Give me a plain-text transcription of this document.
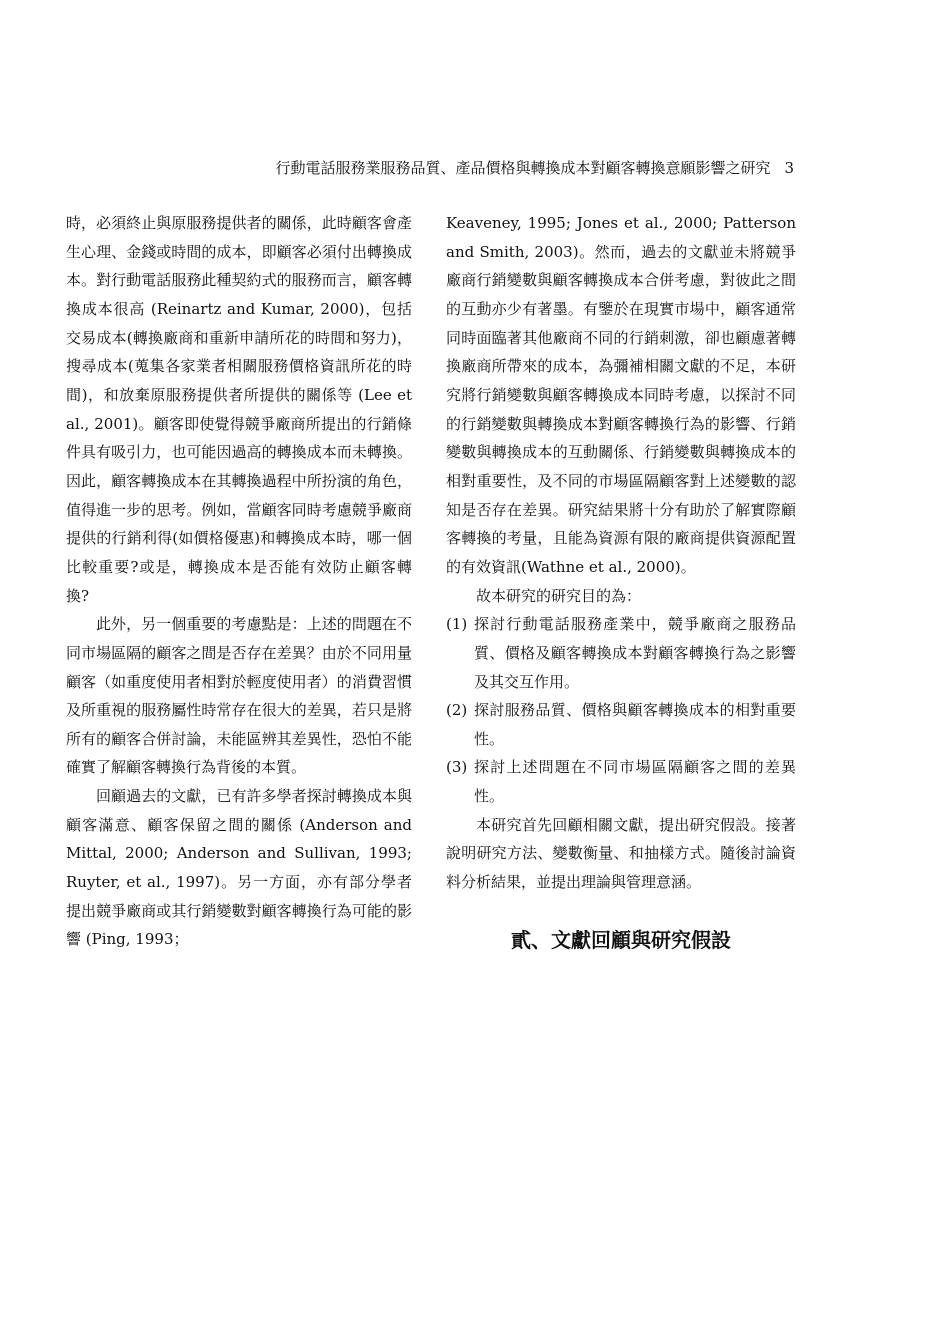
行動電話服務業服務品質、產品價格與轉換成本對顧客轉換意願影響之研究 3

時，必須終止與原服務提供者的關係，此時顧客會產生心理、金錢或時間的成本，即顧客必須付出轉換成本。對行動電話服務此種契約式的服務而言，顧客轉換成本很高 (Reinartz and Kumar, 2000)，包括交易成本(轉換廠商和重新申請所花的時間和努力)，搜尋成本(蒐集各家業者相關服務價格資訊所花的時間)，和放棄原服務提供者所提供的關係等 (Lee et al., 2001)。顧客即使覺得競爭廠商所提出的行銷條件具有吸引力，也可能因過高的轉換成本而未轉換。因此，顧客轉換成本在其轉換過程中所扮演的角色，值得進一步的思考。例如，當顧客同時考慮競爭廠商提供的行銷利得(如價格優惠)和轉換成本時，哪一個比較重要?或是，轉換成本是否能有效防止顧客轉換?

此外，另一個重要的考慮點是：上述的問題在不同市場區隔的顧客之間是否存在差異？由於不同用量顧客（如重度使用者相對於輕度使用者）的消費習慣及所重視的服務屬性時常存在很大的差異，若只是將所有的顧客合併討論，未能區辨其差異性，恐怕不能確實了解顧客轉換行為背後的本質。

回顧過去的文獻，已有許多學者探討轉換成本與顧客滿意、顧客保留之間的關係 (Anderson and Mittal, 2000; Anderson and Sullivan, 1993; Ruyter, et al., 1997)。另一方面，亦有部分學者提出競爭廠商或其行銷變數對顧客轉換行為可能的影響 (Ping, 1993；

Keaveney, 1995; Jones et al., 2000; Patterson and Smith, 2003)。然而，過去的文獻並未將競爭廠商行銷變數與顧客轉換成本合併考慮，對彼此之間的互動亦少有著墨。有鑒於在現實市場中，顧客通常同時面臨著其他廠商不同的行銷刺激，卻也顧慮著轉換廠商所帶來的成本，為彌補相關文獻的不足，本研究將行銷變數與顧客轉換成本同時考慮，以探討不同的行銷變數與轉換成本對顧客轉換行為的影響、行銷變數與轉換成本的互動關係、行銷變數與轉換成本的相對重要性，及不同的市場區隔顧客對上述變數的認知是否存在差異。研究結果將十分有助於了解實際顧客轉換的考量，且能為資源有限的廠商提供資源配置的有效資訊(Wathne et al., 2000)。

故本研究的研究目的為：

(1) 探討行動電話服務產業中，競爭廠商之服務品質、價格及顧客轉換成本對顧客轉換行為之影響及其交互作用。
(2) 探討服務品質、價格與顧客轉換成本的相對重要性。
(3) 探討上述問題在不同市場區隔顧客之間的差異性。

本研究首先回顧相關文獻，提出研究假設。接著說明研究方法、變數衡量、和抽樣方式。隨後討論資料分析結果，並提出理論與管理意涵。

貳、文獻回顧與研究假設
